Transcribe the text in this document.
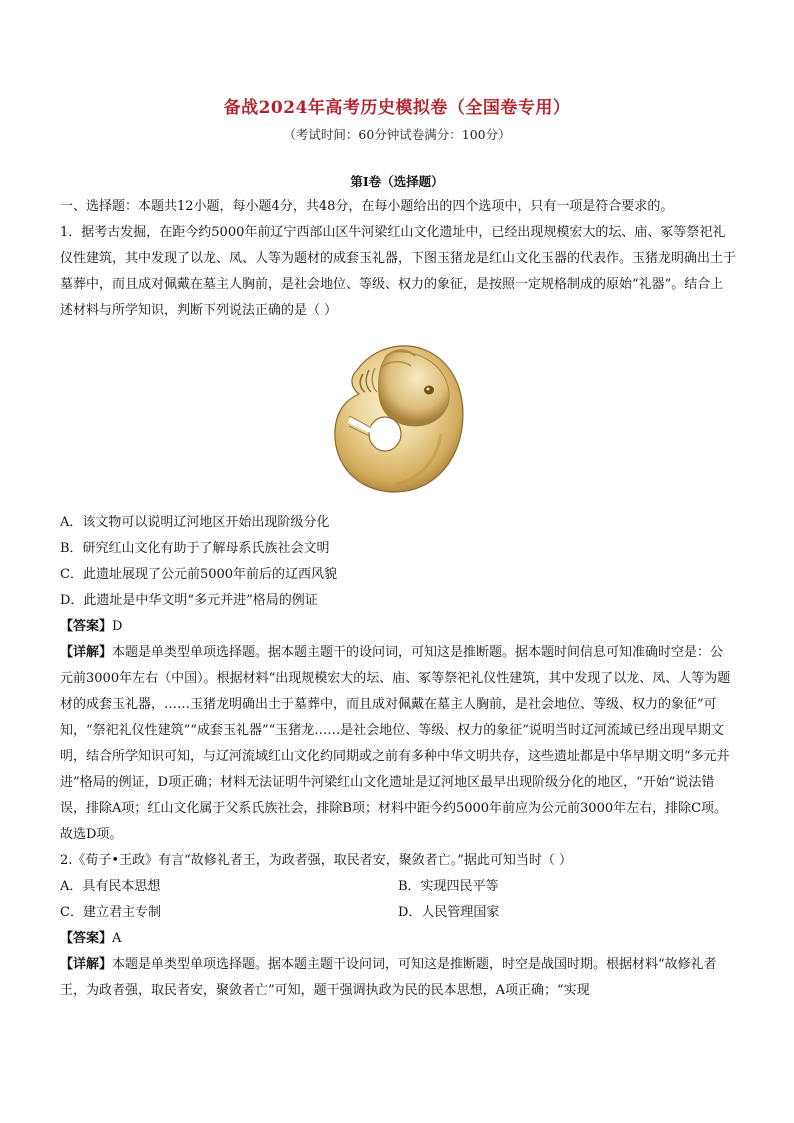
备战2024年高考历史模拟卷（全国卷专用）
（考试时间：60分钟试卷满分：100分）
第Ⅰ卷（选择题）

一、选择题：本题共12小题，每小题4分，共48分，在每小题给出的四个选项中，只有一项是符合要求的。

1．据考古发掘，在距今约5000年前辽宁西部山区牛河梁红山文化遗址中，已经出现规模宏大的坛、庙、冢等祭祀礼仪性建筑，其中发现了以龙、凤、人等为题材的成套玉礼器，下图玉猪龙是红山文化玉器的代表作。玉猪龙明确出土于墓葬中，而且成对佩戴在墓主人胸前，是社会地位、等级、权力的象征，是按照一定规格制成的原始“礼器”。结合上述材料与所学知识，判断下列说法正确的是（ ）

A．该文物可以说明辽河地区开始出现阶级分化

B．研究红山文化有助于了解母系氏族社会文明

C．此遗址展现了公元前5000年前后的辽西风貌

D．此遗址是中华文明“多元并进”格局的例证

【答案】D

【详解】本题是单类型单项选择题。据本题主题干的设问词，可知这是推断题。据本题时间信息可知准确时空是：公元前3000年左右（中国）。根据材料“出现规模宏大的坛、庙、冢等祭祀礼仪性建筑，其中发现了以龙、凤、人等为题材的成套玉礼器，……玉猪龙明确出土于墓葬中，而且成对佩戴在墓主人胸前，是社会地位、等级、权力的象征”可知，“祭祀礼仪性建筑”“成套玉礼器”“玉猪龙……是社会地位、等级、权力的象征”说明当时辽河流域已经出现早期文明，结合所学知识可知，与辽河流域红山文化约同期或之前有多种中华文明共存，这些遗址都是中华早期文明“多元并进”格局的例证，D项正确；材料无法证明牛河梁红山文化遗址是辽河地区最早出现阶级分化的地区，“开始”说法错误，排除A项；红山文化属于父系氏族社会，排除B项；材料中距今约5000年前应为公元前3000年左右，排除C项。故选D项。

2.《荀子•王政》有言“故修礼者王，为政者强，取民者安，聚敛者亡。”据此可知当时（ ）

A．具有民本思想	B．实现四民平等

C．建立君主专制	D．人民管理国家

【答案】A

【详解】本题是单类型单项选择题。据本题主题干设问词，可知这是推断题，时空是战国时期。根据材料“故修礼者王，为政者强，取民者安，聚敛者亡”可知，题干强调执政为民的民本思想，A项正确；“实现
